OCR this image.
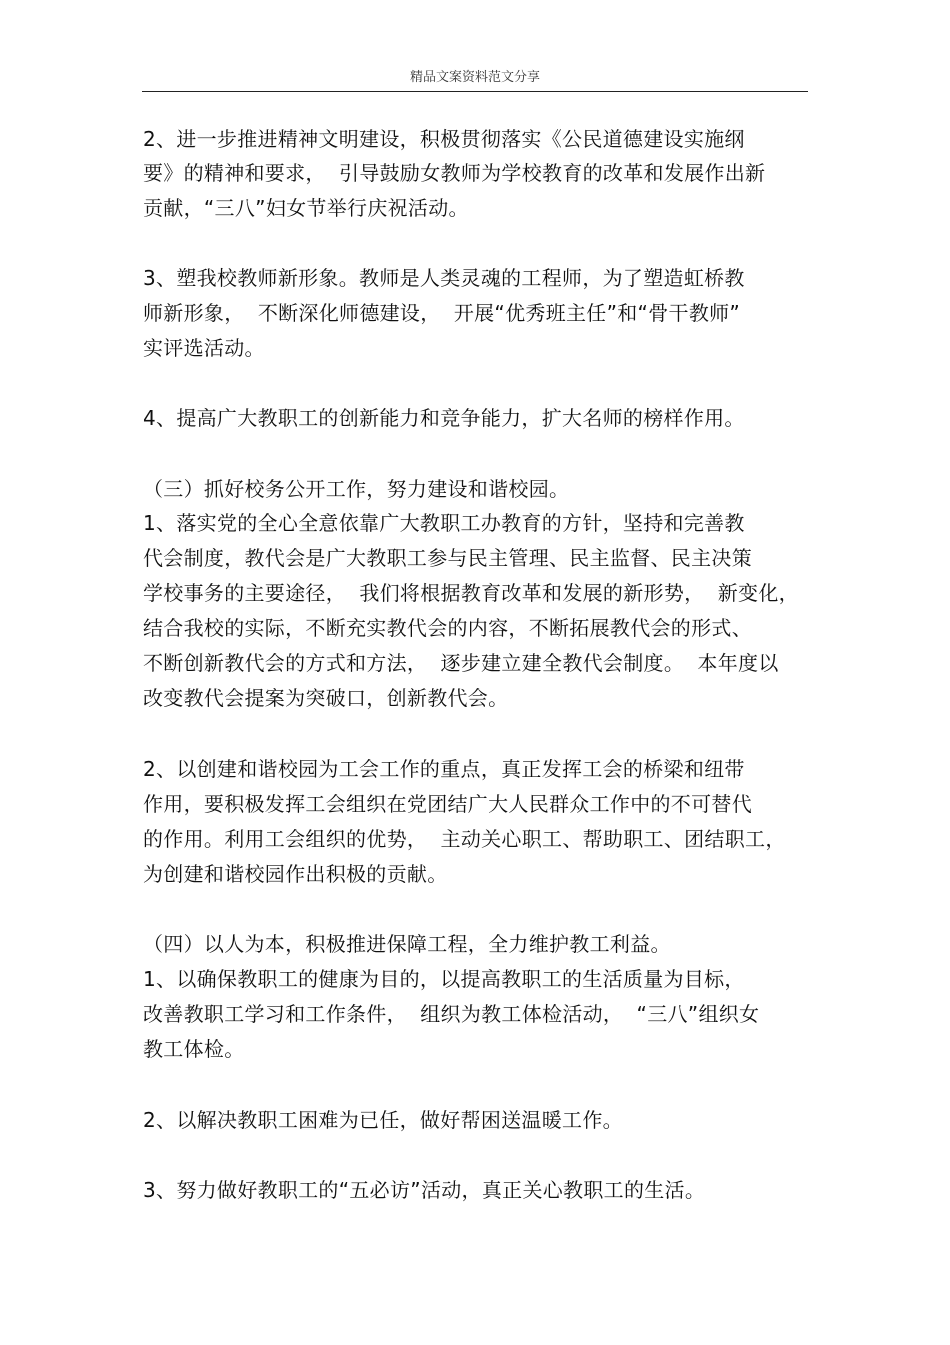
精品文案资料范文分享
2、进一步推进精神文明建设，积极贯彻落实《公民道德建设实施纲
要》的精神和要求，  引导鼓励女教师为学校教育的改革和发展作出新
贡献，“三八”妇女节举行庆祝活动。
3、塑我校教师新形象。教师是人类灵魂的工程师，为了塑造虹桥教
师新形象，  不断深化师德建设，  开展“优秀班主任”和“骨干教师”
实评选活动。
4、提高广大教职工的创新能力和竞争能力，扩大名师的榜样作用。
（三）抓好校务公开工作，努力建设和谐校园。
1、落实党的全心全意依靠广大教职工办教育的方针，坚持和完善教
代会制度，教代会是广大教职工参与民主管理、民主监督、民主决策
学校事务的主要途径，  我们将根据教育改革和发展的新形势，  新变化，
结合我校的实际，不断充实教代会的内容，不断拓展教代会的形式、
不断创新教代会的方式和方法，  逐步建立建全教代会制度。  本年度以
改变教代会提案为突破口，创新教代会。
2、以创建和谐校园为工会工作的重点，真正发挥工会的桥梁和纽带
作用，要积极发挥工会组织在党团结广大人民群众工作中的不可替代
的作用。利用工会组织的优势，  主动关心职工、帮助职工、团结职工，
为创建和谐校园作出积极的贡献。
（四）以人为本，积极推进保障工程，全力维护教工利益。
1、以确保教职工的健康为目的，以提高教职工的生活质量为目标，
改善教职工学习和工作条件，  组织为教工体检活动，  “三八”组织女
教工体检。
2、以解决教职工困难为已任，做好帮困送温暖工作。
3、努力做好教职工的“五必访”活动，真正关心教职工的生活。
